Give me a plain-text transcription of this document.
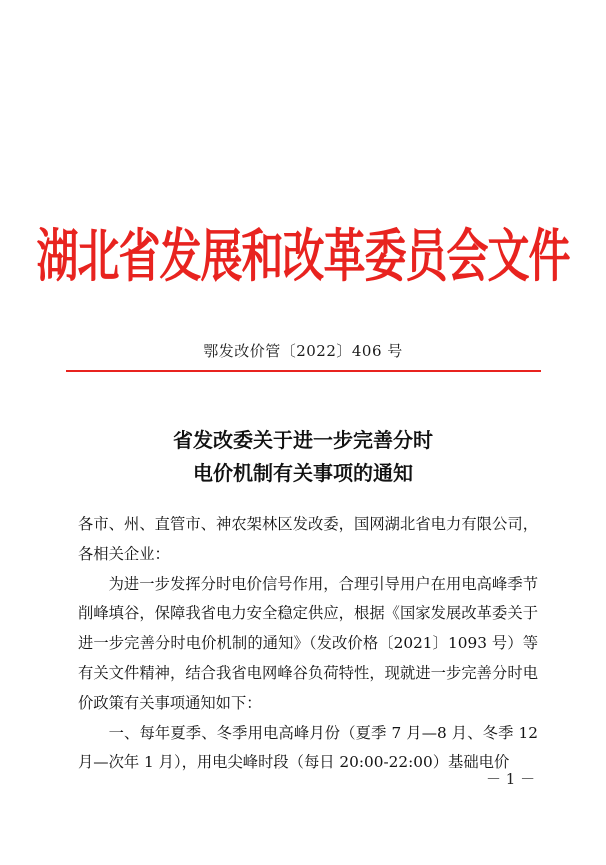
湖北省发展和改革委员会文件
鄂发改价管〔2022〕406 号
省发改委关于进一步完善分时
电价机制有关事项的通知

各市、州、直管市、神农架林区发改委，国网湖北省电力有限公司，各相关企业：

为进一步发挥分时电价信号作用，合理引导用户在用电高峰季节削峰填谷，保障我省电力安全稳定供应，根据《国家发展改革委关于进一步完善分时电价机制的通知》（发改价格〔2021〕1093 号）等有关文件精神，结合我省电网峰谷负荷特性，现就进一步完善分时电价政策有关事项通知如下：

一、每年夏季、冬季用电高峰月份（夏季 7 月—8 月、冬季 12 月—次年 1 月），用电尖峰时段（每日 20:00-22:00）基础电价

－ 1 －
